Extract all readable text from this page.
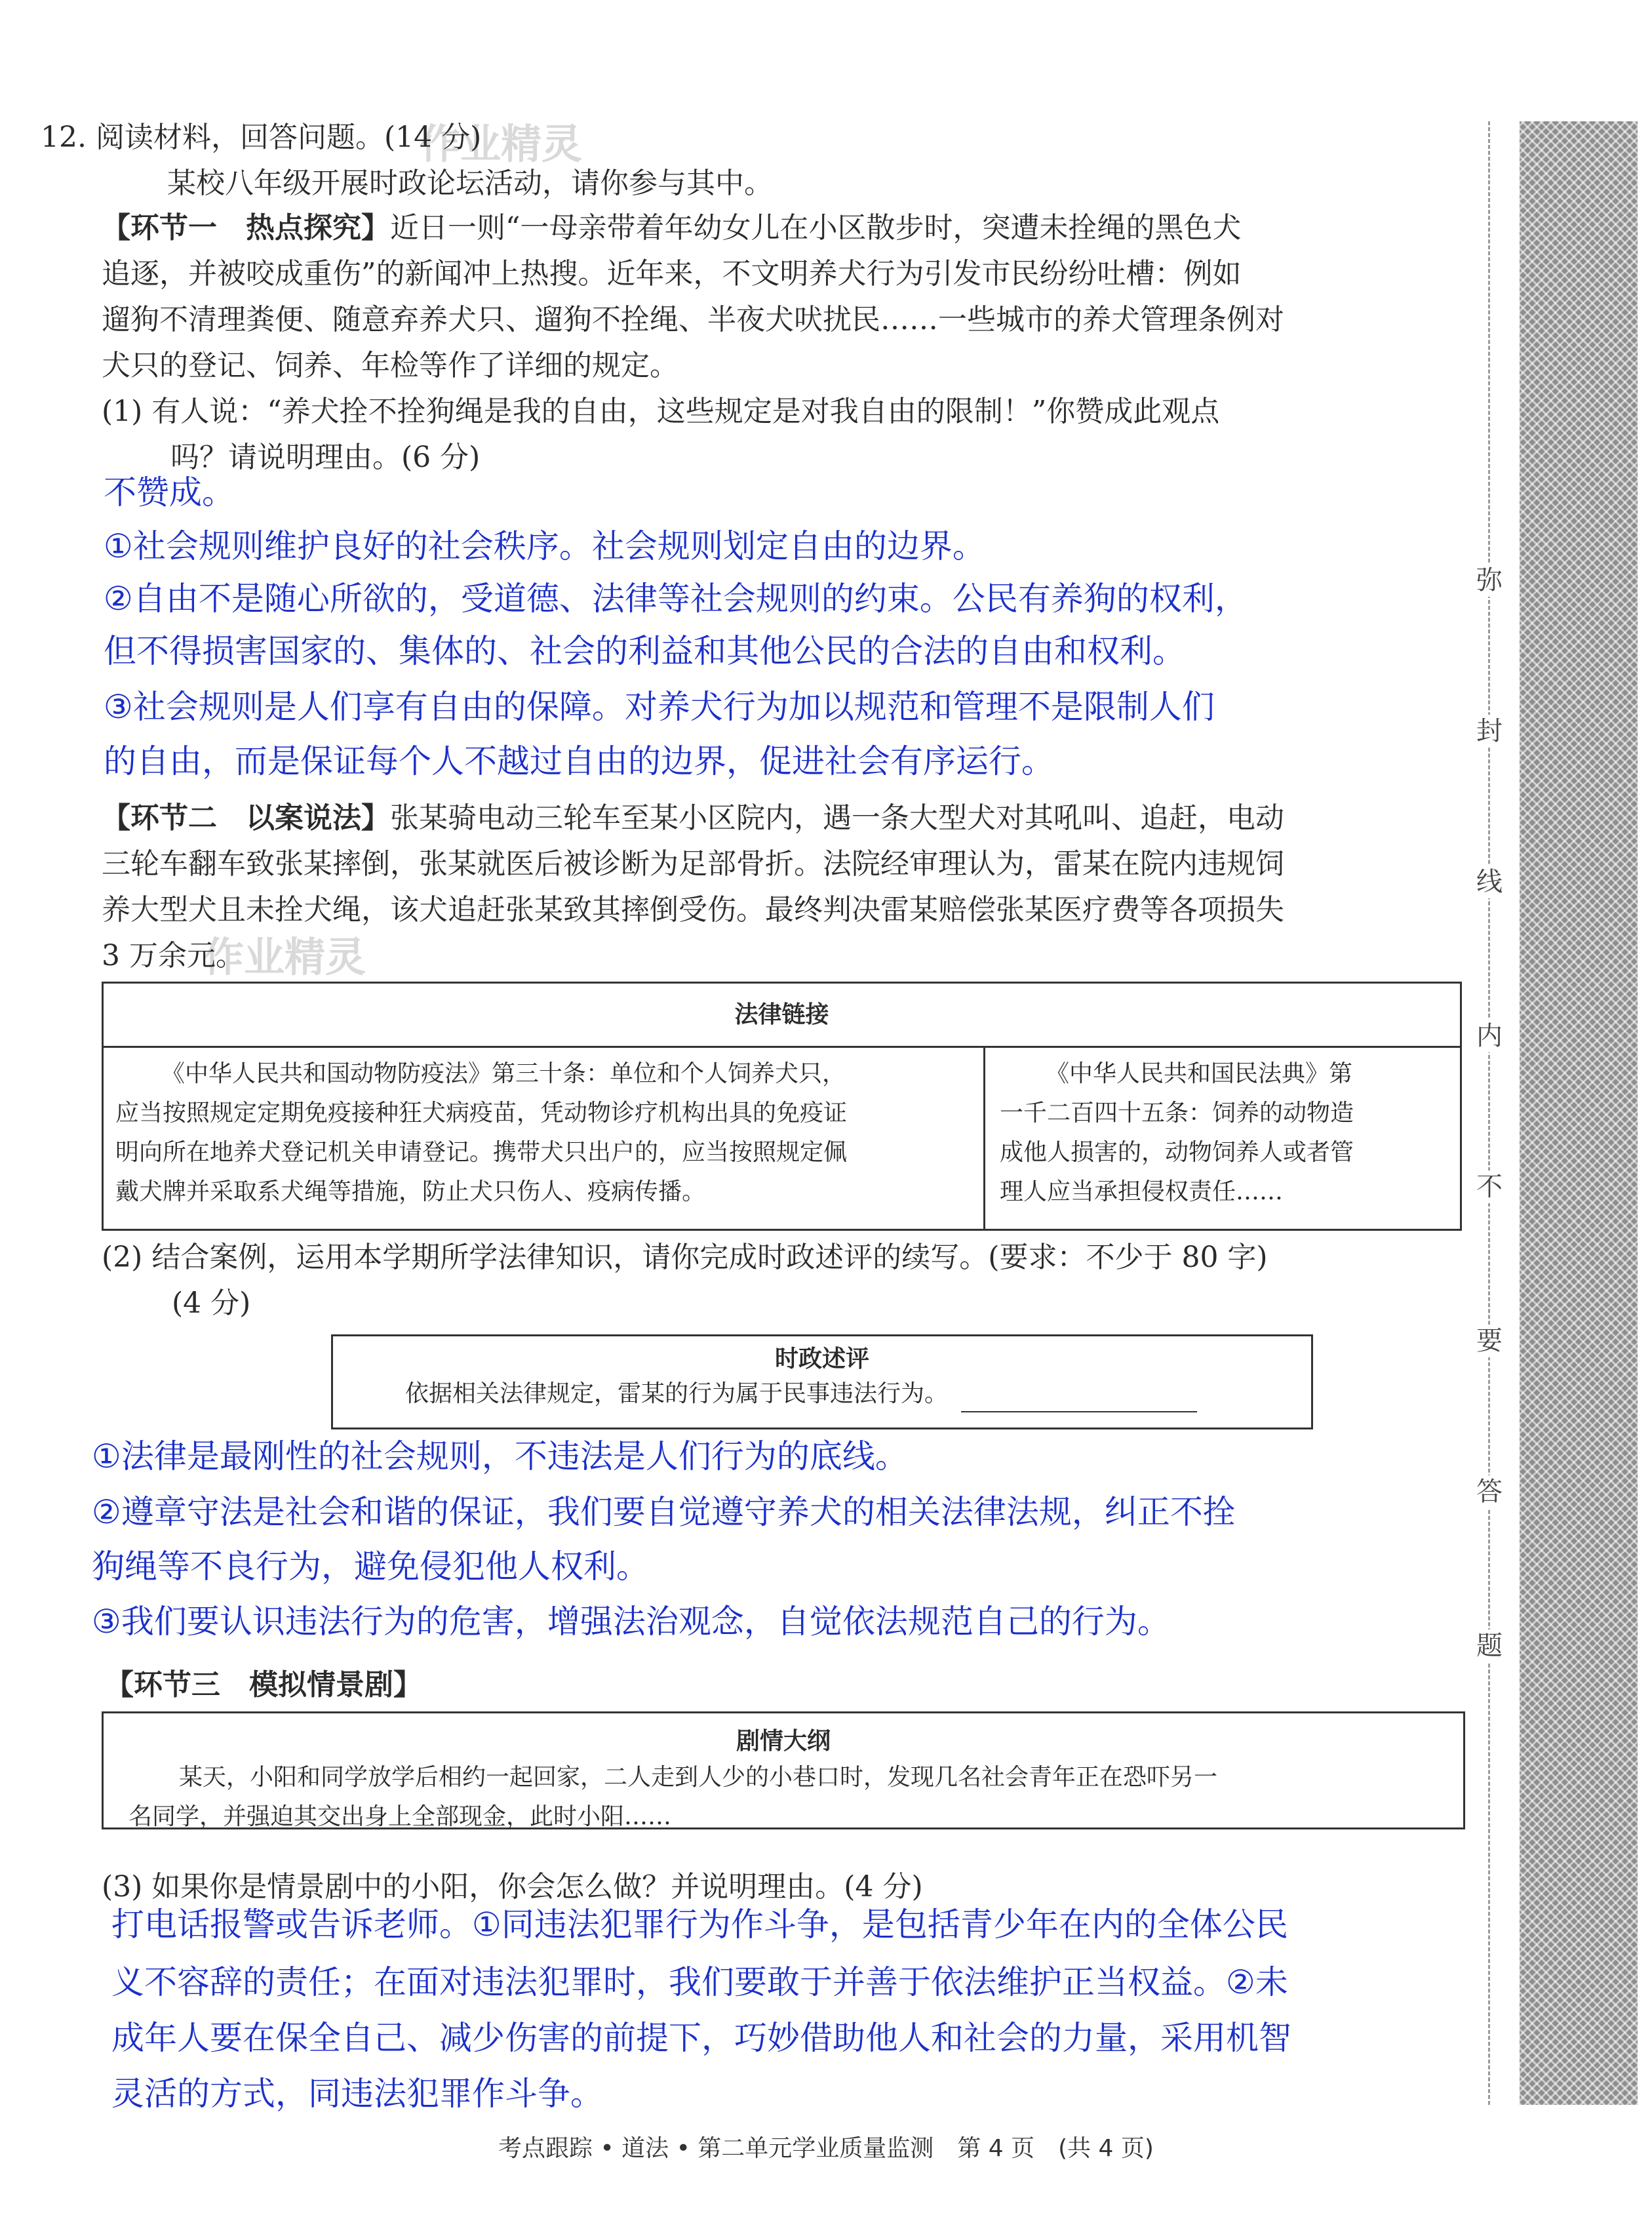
弥
封
线
内
不
要
答
题
作业精灵
作业精灵
12. 阅读材料，回答问题。(14 分)
某校八年级开展时政论坛活动，请你参与其中。
【环节一　热点探究】近日一则“一母亲带着年幼女儿在小区散步时，突遭未拴绳的黑色犬
追逐，并被咬成重伤”的新闻冲上热搜。近年来，不文明养犬行为引发市民纷纷吐槽：例如
遛狗不清理粪便、随意弃养犬只、遛狗不拴绳、半夜犬吠扰民……一些城市的养犬管理条例对
犬只的登记、饲养、年检等作了详细的规定。
(1) 有人说：“养犬拴不拴狗绳是我的自由，这些规定是对我自由的限制！”你赞成此观点
吗？请说明理由。(6 分)
不赞成。
①社会规则维护良好的社会秩序。社会规则划定自由的边界。
②自由不是随心所欲的，受道德、法律等社会规则的约束。公民有养狗的权利，
但不得损害国家的、集体的、社会的利益和其他公民的合法的自由和权利。
③社会规则是人们享有自由的保障。对养犬行为加以规范和管理不是限制人们
的自由，而是保证每个人不越过自由的边界，促进社会有序运行。
【环节二　以案说法】张某骑电动三轮车至某小区院内，遇一条大型犬对其吼叫、追赶，电动
三轮车翻车致张某摔倒，张某就医后被诊断为足部骨折。法院经审理认为，雷某在院内违规饲
养大型犬且未拴犬绳，该犬追赶张某致其摔倒受伤。最终判决雷某赔偿张某医疗费等各项损失
3 万余元。
法律链接
《中华人民共和国动物防疫法》第三十条：单位和个人饲养犬只，
应当按照规定定期免疫接种狂犬病疫苗，凭动物诊疗机构出具的免疫证
明向所在地养犬登记机关申请登记。携带犬只出户的，应当按照规定佩
戴犬牌并采取系犬绳等措施，防止犬只伤人、疫病传播。
《中华人民共和国民法典》第
一千二百四十五条：饲养的动物造
成他人损害的，动物饲养人或者管
理人应当承担侵权责任……
(2) 结合案例，运用本学期所学法律知识，请你完成时政述评的续写。(要求：不少于 80 字)
(4 分)
时政述评
依据相关法律规定，雷某的行为属于民事违法行为。
①法律是最刚性的社会规则，不违法是人们行为的底线。
②遵章守法是社会和谐的保证，我们要自觉遵守养犬的相关法律法规，纠正不拴
狗绳等不良行为，避免侵犯他人权利。
③我们要认识违法行为的危害，增强法治观念，自觉依法规范自己的行为。
【环节三　模拟情景剧】
剧情大纲
某天，小阳和同学放学后相约一起回家，二人走到人少的小巷口时，发现几名社会青年正在恐吓另一
名同学，并强迫其交出身上全部现金，此时小阳……
(3) 如果你是情景剧中的小阳，你会怎么做？并说明理由。(4 分)
打电话报警或告诉老师。①同违法犯罪行为作斗争，是包括青少年在内的全体公民
义不容辞的责任；在面对违法犯罪时，我们要敢于并善于依法维护正当权益。②未
成年人要在保全自己、减少伤害的前提下，巧妙借助他人和社会的力量，采用机智
灵活的方式，同违法犯罪作斗争。
考点跟踪 • 道法 • 第二单元学业质量监测　第 4 页　(共 4 页)
